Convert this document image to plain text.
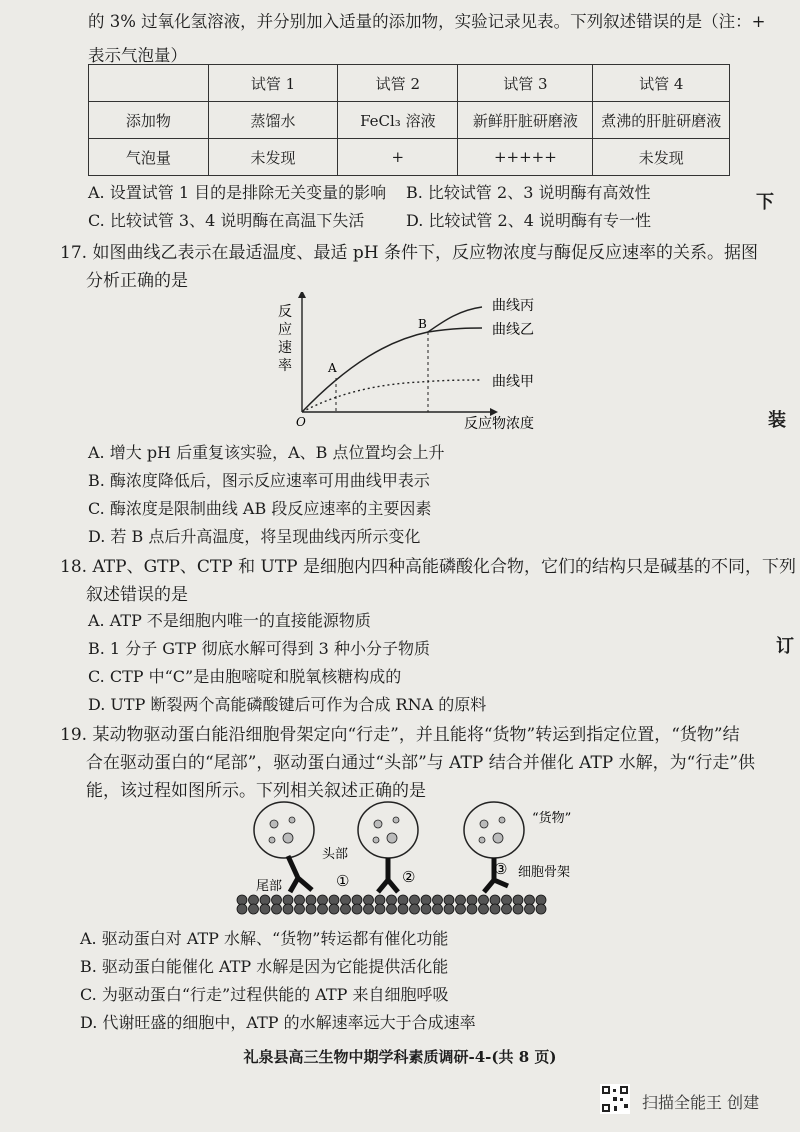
的 3% 过氧化氢溶液，并分别加入适量的添加物，实验记录见表。下列叙述错误的是（注：+
表示气泡量）
	试管 1	试管 2	试管 3	试管 4
添加物	蒸馏水	FeCl₃ 溶液	新鲜肝脏研磨液	煮沸的肝脏研磨液
气泡量	未发现	+	+++++	未发现
A. 设置试管 1 目的是排除无关变量的影响 B. 比较试管 2、3 说明酶有高效性
C. 比较试管 3、4 说明酶在高温下失活	D. 比较试管 2、4 说明酶有专一性
17. 如图曲线乙表示在最适温度、最适 pH 条件下，反应物浓度与酶促反应速率的关系。据图
分析正确的是
A
B
O
曲线丙
曲线乙
曲线甲
反应物浓度
反
应
速
率
A. 增大 pH 后重复该实验，A、B 点位置均会上升
B. 酶浓度降低后，图示反应速率可用曲线甲表示
C. 酶浓度是限制曲线 AB 段反应速率的主要因素
D. 若 B 点后升高温度，将呈现曲线丙所示变化
18. ATP、GTP、CTP 和 UTP 是细胞内四种高能磷酸化合物，它们的结构只是碱基的不同，下列
叙述错误的是
A. ATP 不是细胞内唯一的直接能源物质
B. 1 分子 GTP 彻底水解可得到 3 种小分子物质
C. CTP 中“C”是由胞嘧啶和脱氧核糖构成的
D. UTP 断裂两个高能磷酸键后可作为合成 RNA 的原料
19. 某动物驱动蛋白能沿细胞骨架定向“行走”，并且能将“货物”转运到指定位置，“货物”结
合在驱动蛋白的“尾部”，驱动蛋白通过“头部”与 ATP 结合并催化 ATP 水解，为“行走”供
能，该过程如图所示。下列相关叙述正确的是
头部
尾部
“货物”
细胞骨架
①	②	③
A. 驱动蛋白对 ATP 水解、“货物”转运都有催化功能
B. 驱动蛋白能催化 ATP 水解是因为它能提供活化能
C. 为驱动蛋白“行走”过程供能的 ATP 来自细胞呼吸
D. 代谢旺盛的细胞中，ATP 的水解速率远大于合成速率
下
装
订
礼泉县高三生物中期学科素质调研-4-(共 8 页)
扫描全能王 创建
